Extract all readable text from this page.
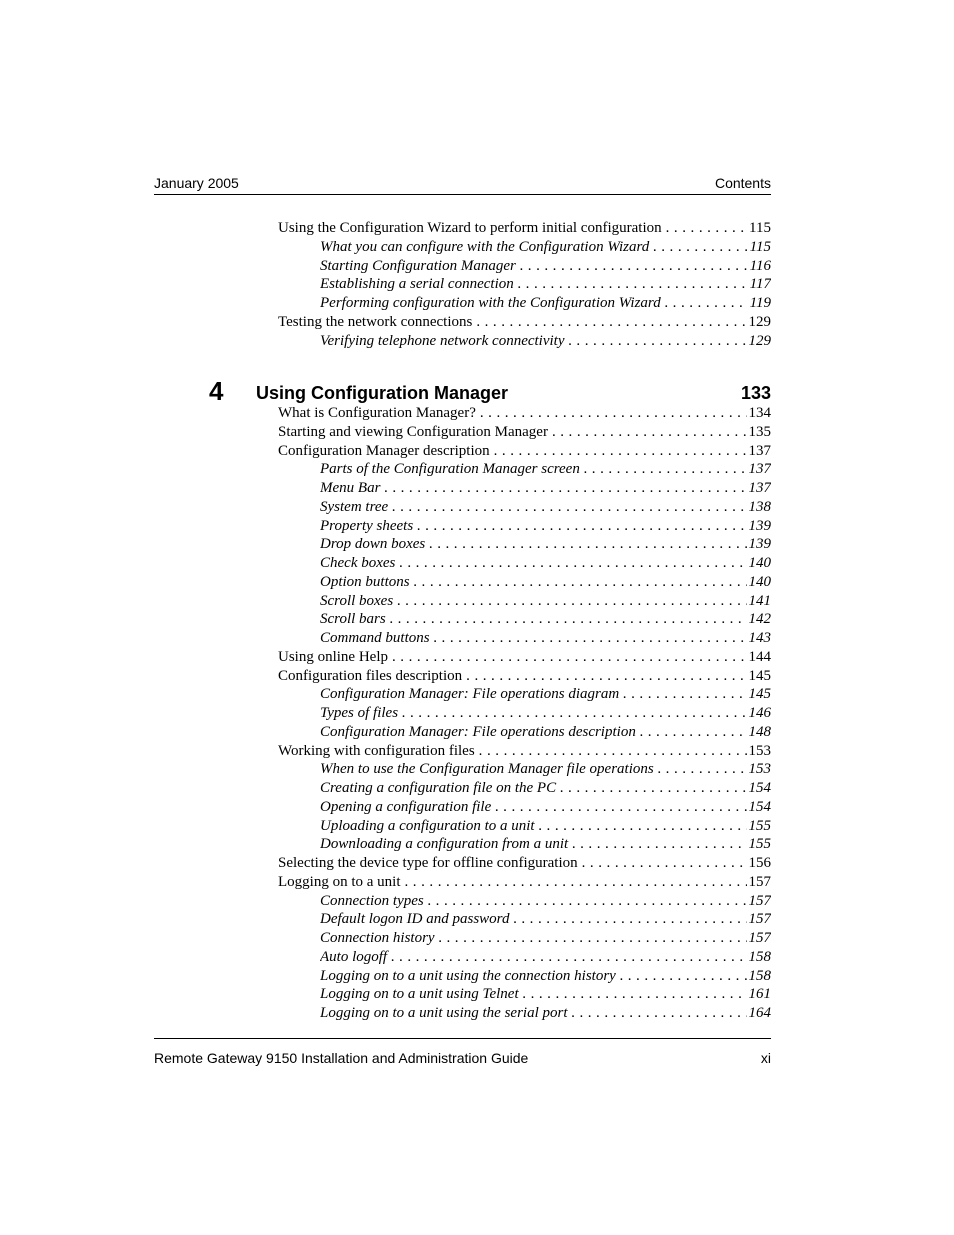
January 2005	Contents
Using the Configuration Wizard to perform initial configuration . . .	115
What you can configure with the Configuration Wizard . . .	115
Starting Configuration Manager . . .	116
Establishing a serial connection . . .	117
Performing configuration with the Configuration Wizard . . .	119
Testing the network connections . . .	129
Verifying telephone network connectivity . . .	129
4 Using Configuration Manager	133
What is Configuration Manager? . . .	134
Starting and viewing Configuration Manager . . .	135
Configuration Manager description . . .	137
Parts of the Configuration Manager screen . . .	137
Menu Bar . . .	137
System tree . . .	138
Property sheets . . .	139
Drop down boxes . . .	139
Check boxes . . .	140
Option buttons . . .	140
Scroll boxes . . .	141
Scroll bars . . .	142
Command buttons . . .	143
Using online Help . . .	144
Configuration files description . . .	145
Configuration Manager: File operations diagram . . .	145
Types of files . . .	146
Configuration Manager: File operations description . . .	148
Working with configuration files . . .	153
When to use the Configuration Manager file operations . . .	153
Creating a configuration file on the PC . . .	154
Opening a configuration file . . .	154
Uploading a configuration to a unit . . .	155
Downloading a configuration from a unit . . .	155
Selecting the device type for offline configuration . . .	156
Logging on to a unit . . .	157
Connection types . . .	157
Default logon ID and password . . .	157
Connection history . . .	157
Auto logoff . . .	158
Logging on to a unit using the connection history . . .	158
Logging on to a unit using Telnet . . .	161
Logging on to a unit using the serial port . . .	164
Remote Gateway 9150 Installation and Administration Guide	xi
